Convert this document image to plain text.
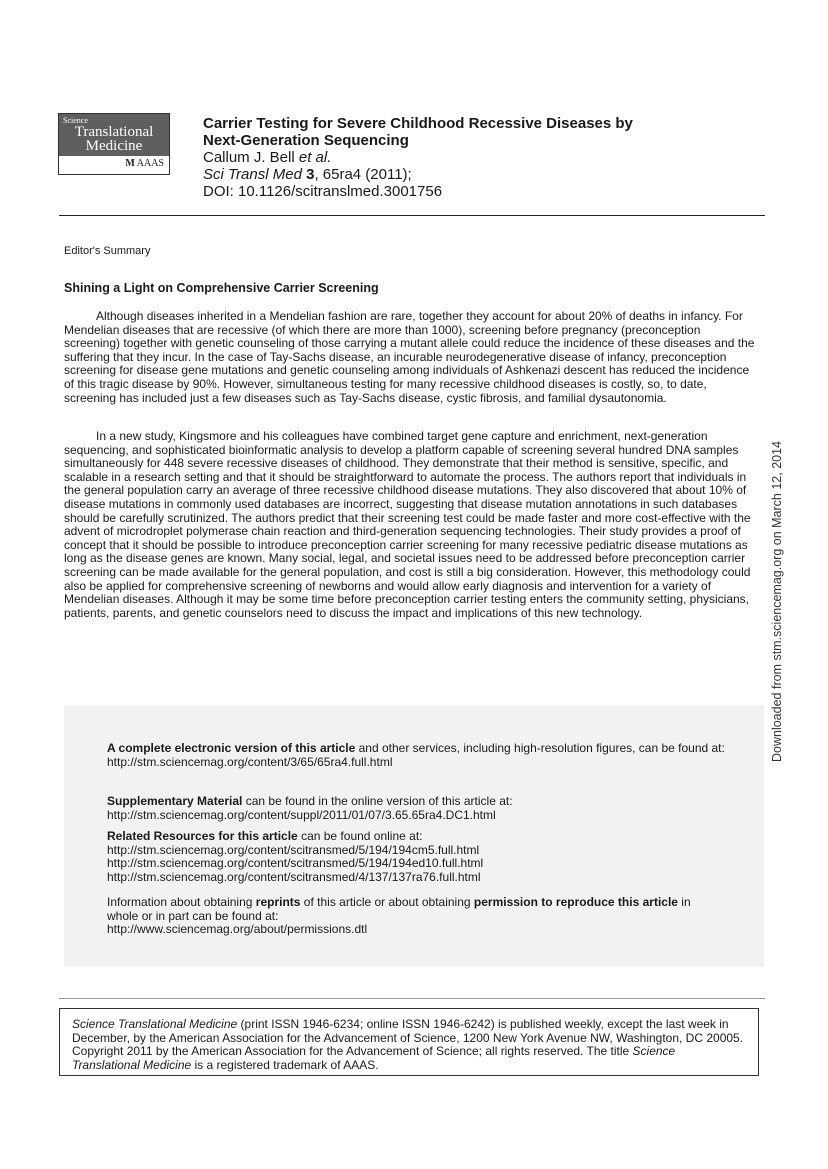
Science
Translational
Medicine
M AAAS
Carrier Testing for Severe Childhood Recessive Diseases by
Next-Generation Sequencing
Callum J. Bell et al.
Sci Transl Med 3, 65ra4 (2011);
DOI: 10.1126/scitranslmed.3001756
Editor's Summary
Shining a Light on Comprehensive Carrier Screening
Although diseases inherited in a Mendelian fashion are rare, together they account for about 20% of deaths in infancy. For Mendelian diseases that are recessive (of which there are more than 1000), screening before pregnancy (preconception screening) together with genetic counseling of those carrying a mutant allele could reduce the incidence of these diseases and the suffering that they incur. In the case of Tay-Sachs disease, an incurable neurodegenerative disease of infancy, preconception screening for disease gene mutations and genetic counseling among individuals of Ashkenazi descent has reduced the incidence of this tragic disease by 90%. However, simultaneous testing for many recessive childhood diseases is costly, so, to date, screening has included just a few diseases such as Tay-Sachs disease, cystic fibrosis, and familial dysautonomia.
In a new study, Kingsmore and his colleagues have combined target gene capture and enrichment, next-generation sequencing, and sophisticated bioinformatic analysis to develop a platform capable of screening several hundred DNA samples simultaneously for 448 severe recessive diseases of childhood. They demonstrate that their method is sensitive, specific, and scalable in a research setting and that it should be straightforward to automate the process. The authors report that individuals in the general population carry an average of three recessive childhood disease mutations. They also discovered that about 10% of disease mutations in commonly used databases are incorrect, suggesting that disease mutation annotations in such databases should be carefully scrutinized. The authors predict that their screening test could be made faster and more cost-effective with the advent of microdroplet polymerase chain reaction and third-generation sequencing technologies. Their study provides a proof of concept that it should be possible to introduce preconception carrier screening for many recessive pediatric disease mutations as long as the disease genes are known. Many social, legal, and societal issues need to be addressed before preconception carrier screening can be made available for the general population, and cost is still a big consideration. However, this methodology could also be applied for comprehensive screening of newborns and would allow early diagnosis and intervention for a variety of Mendelian diseases. Although it may be some time before preconception carrier testing enters the community setting, physicians, patients, parents, and genetic counselors need to discuss the impact and implications of this new technology.	Downloaded from stm.sciencemag.org on March 12, 2014
A complete electronic version of this article and other services, including high-resolution figures, can be found at:
http://stm.sciencemag.org/content/3/65/65ra4.full.html
Supplementary Material can be found in the online version of this article at:
http://stm.sciencemag.org/content/suppl/2011/01/07/3.65.65ra4.DC1.html
Related Resources for this article can be found online at:
http://stm.sciencemag.org/content/scitransmed/5/194/194cm5.full.html
http://stm.sciencemag.org/content/scitransmed/5/194/194ed10.full.html
http://stm.sciencemag.org/content/scitransmed/4/137/137ra76.full.html
Information about obtaining reprints of this article or about obtaining permission to reproduce this article in whole or in part can be found at:
http://www.sciencemag.org/about/permissions.dtl
Science Translational Medicine (print ISSN 1946-6234; online ISSN 1946-6242) is published weekly, except the last week in December, by the American Association for the Advancement of Science, 1200 New York Avenue NW, Washington, DC 20005. Copyright 2011 by the American Association for the Advancement of Science; all rights reserved. The title Science Translational Medicine is a registered trademark of AAAS.
